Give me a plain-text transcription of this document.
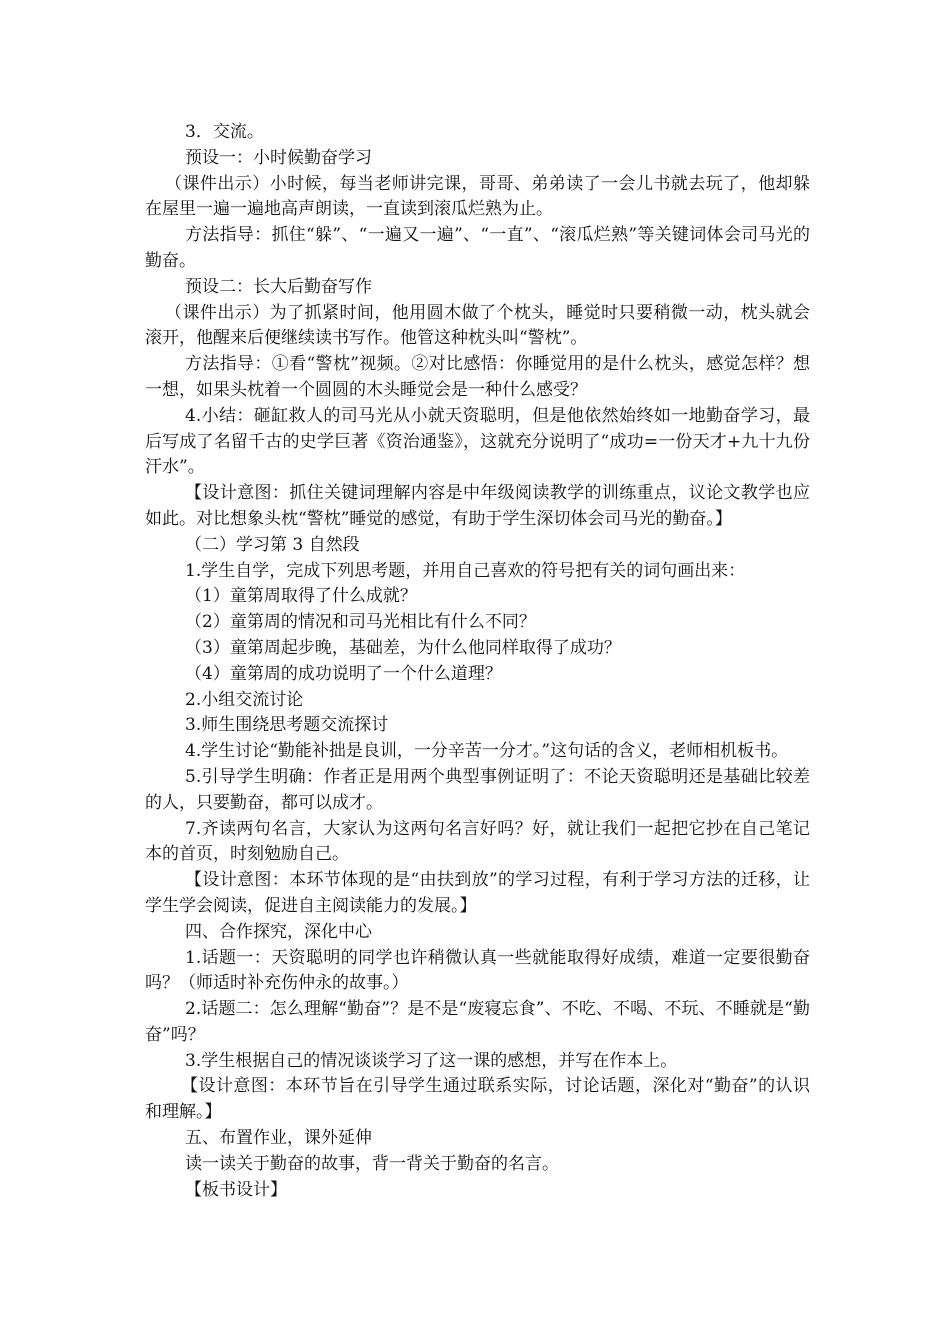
3．交流。

预设一：小时候勤奋学习

（课件出示）小时候，每当老师讲完课，哥哥、弟弟读了一会儿书就去玩了，他却躲在屋里一遍一遍地高声朗读，一直读到滚瓜烂熟为止。

方法指导：抓住“躲”、“一遍又一遍”、“一直”、“滚瓜烂熟”等关键词体会司马光的勤奋。

预设二：长大后勤奋写作

（课件出示）为了抓紧时间，他用圆木做了个枕头，睡觉时只要稍微一动，枕头就会滚开，他醒来后便继续读书写作。他管这种枕头叫“警枕”。

方法指导：①看“警枕”视频。②对比感悟：你睡觉用的是什么枕头，感觉怎样？想一想，如果头枕着一个圆圆的木头睡觉会是一种什么感受？

4.小结：砸缸救人的司马光从小就天资聪明，但是他依然始终如一地勤奋学习，最后写成了名留千古的史学巨著《资治通鉴》，这就充分说明了“成功=一份天才+九十九份汗水”。

【设计意图：抓住关键词理解内容是中年级阅读教学的训练重点，议论文教学也应如此。对比想象头枕“警枕”睡觉的感觉，有助于学生深切体会司马光的勤奋。】

（二）学习第 3 自然段

1.学生自学，完成下列思考题，并用自己喜欢的符号把有关的词句画出来：

（1）童第周取得了什么成就？

（2）童第周的情况和司马光相比有什么不同？

（3）童第周起步晚，基础差，为什么他同样取得了成功？

（4）童第周的成功说明了一个什么道理？

2.小组交流讨论

3.师生围绕思考题交流探讨

4.学生讨论“勤能补拙是良训，一分辛苦一分才。”这句话的含义，老师相机板书。

5.引导学生明确：作者正是用两个典型事例证明了：不论天资聪明还是基础比较差的人，只要勤奋，都可以成才。

7.齐读两句名言，大家认为这两句名言好吗？好，就让我们一起把它抄在自己笔记本的首页，时刻勉励自己。

【设计意图：本环节体现的是“由扶到放”的学习过程，有利于学习方法的迁移，让学生学会阅读，促进自主阅读能力的发展。】

四、合作探究，深化中心

1.话题一：天资聪明的同学也许稍微认真一些就能取得好成绩，难道一定要很勤奋吗？（师适时补充伤仲永的故事。）

2.话题二：怎么理解“勤奋”？是不是“废寝忘食”、不吃、不喝、不玩、不睡就是“勤奋”吗？

3.学生根据自己的情况谈谈学习了这一课的感想，并写在作本上。

【设计意图：本环节旨在引导学生通过联系实际，讨论话题，深化对“勤奋”的认识和理解。】

五、布置作业，课外延伸

读一读关于勤奋的故事，背一背关于勤奋的名言。

【板书设计】
